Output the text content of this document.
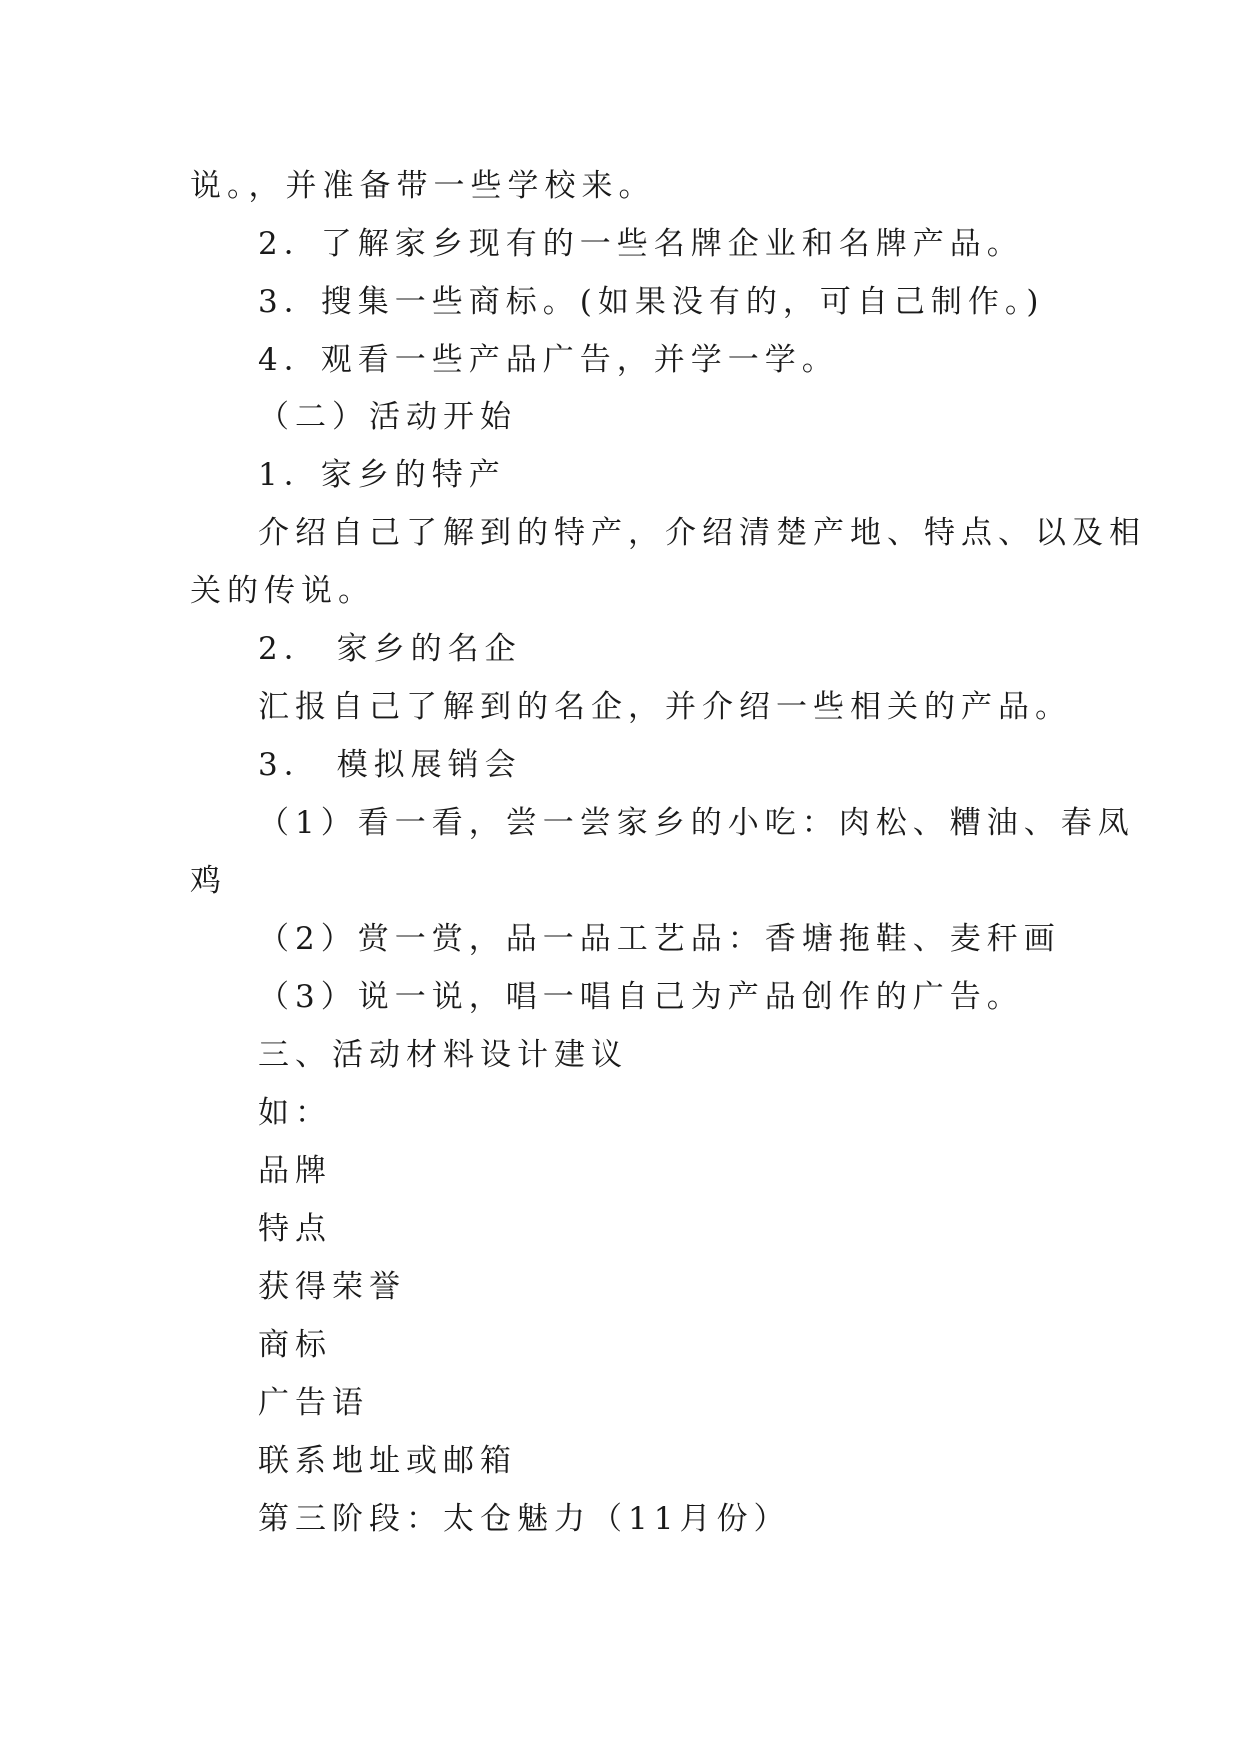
说。，并准备带一些学校来。
2．了解家乡现有的一些名牌企业和名牌产品。
3．搜集一些商标。(如果没有的，可自己制作。)
4．观看一些产品广告，并学一学。
（二）活动开始
1．家乡的特产
介绍自己了解到的特产，介绍清楚产地、特点、以及相
关的传说。
2． 家乡的名企
汇报自己了解到的名企，并介绍一些相关的产品。
3． 模拟展销会
（1）看一看，尝一尝家乡的小吃：肉松、糟油、春凤
鸡
（2）赏一赏，品一品工艺品：香塘拖鞋、麦秆画
（3）说一说，唱一唱自己为产品创作的广告。
三、活动材料设计建议
如：
品牌
特点
获得荣誉
商标
广告语
联系地址或邮箱
第三阶段：太仓魅力（11月份）
